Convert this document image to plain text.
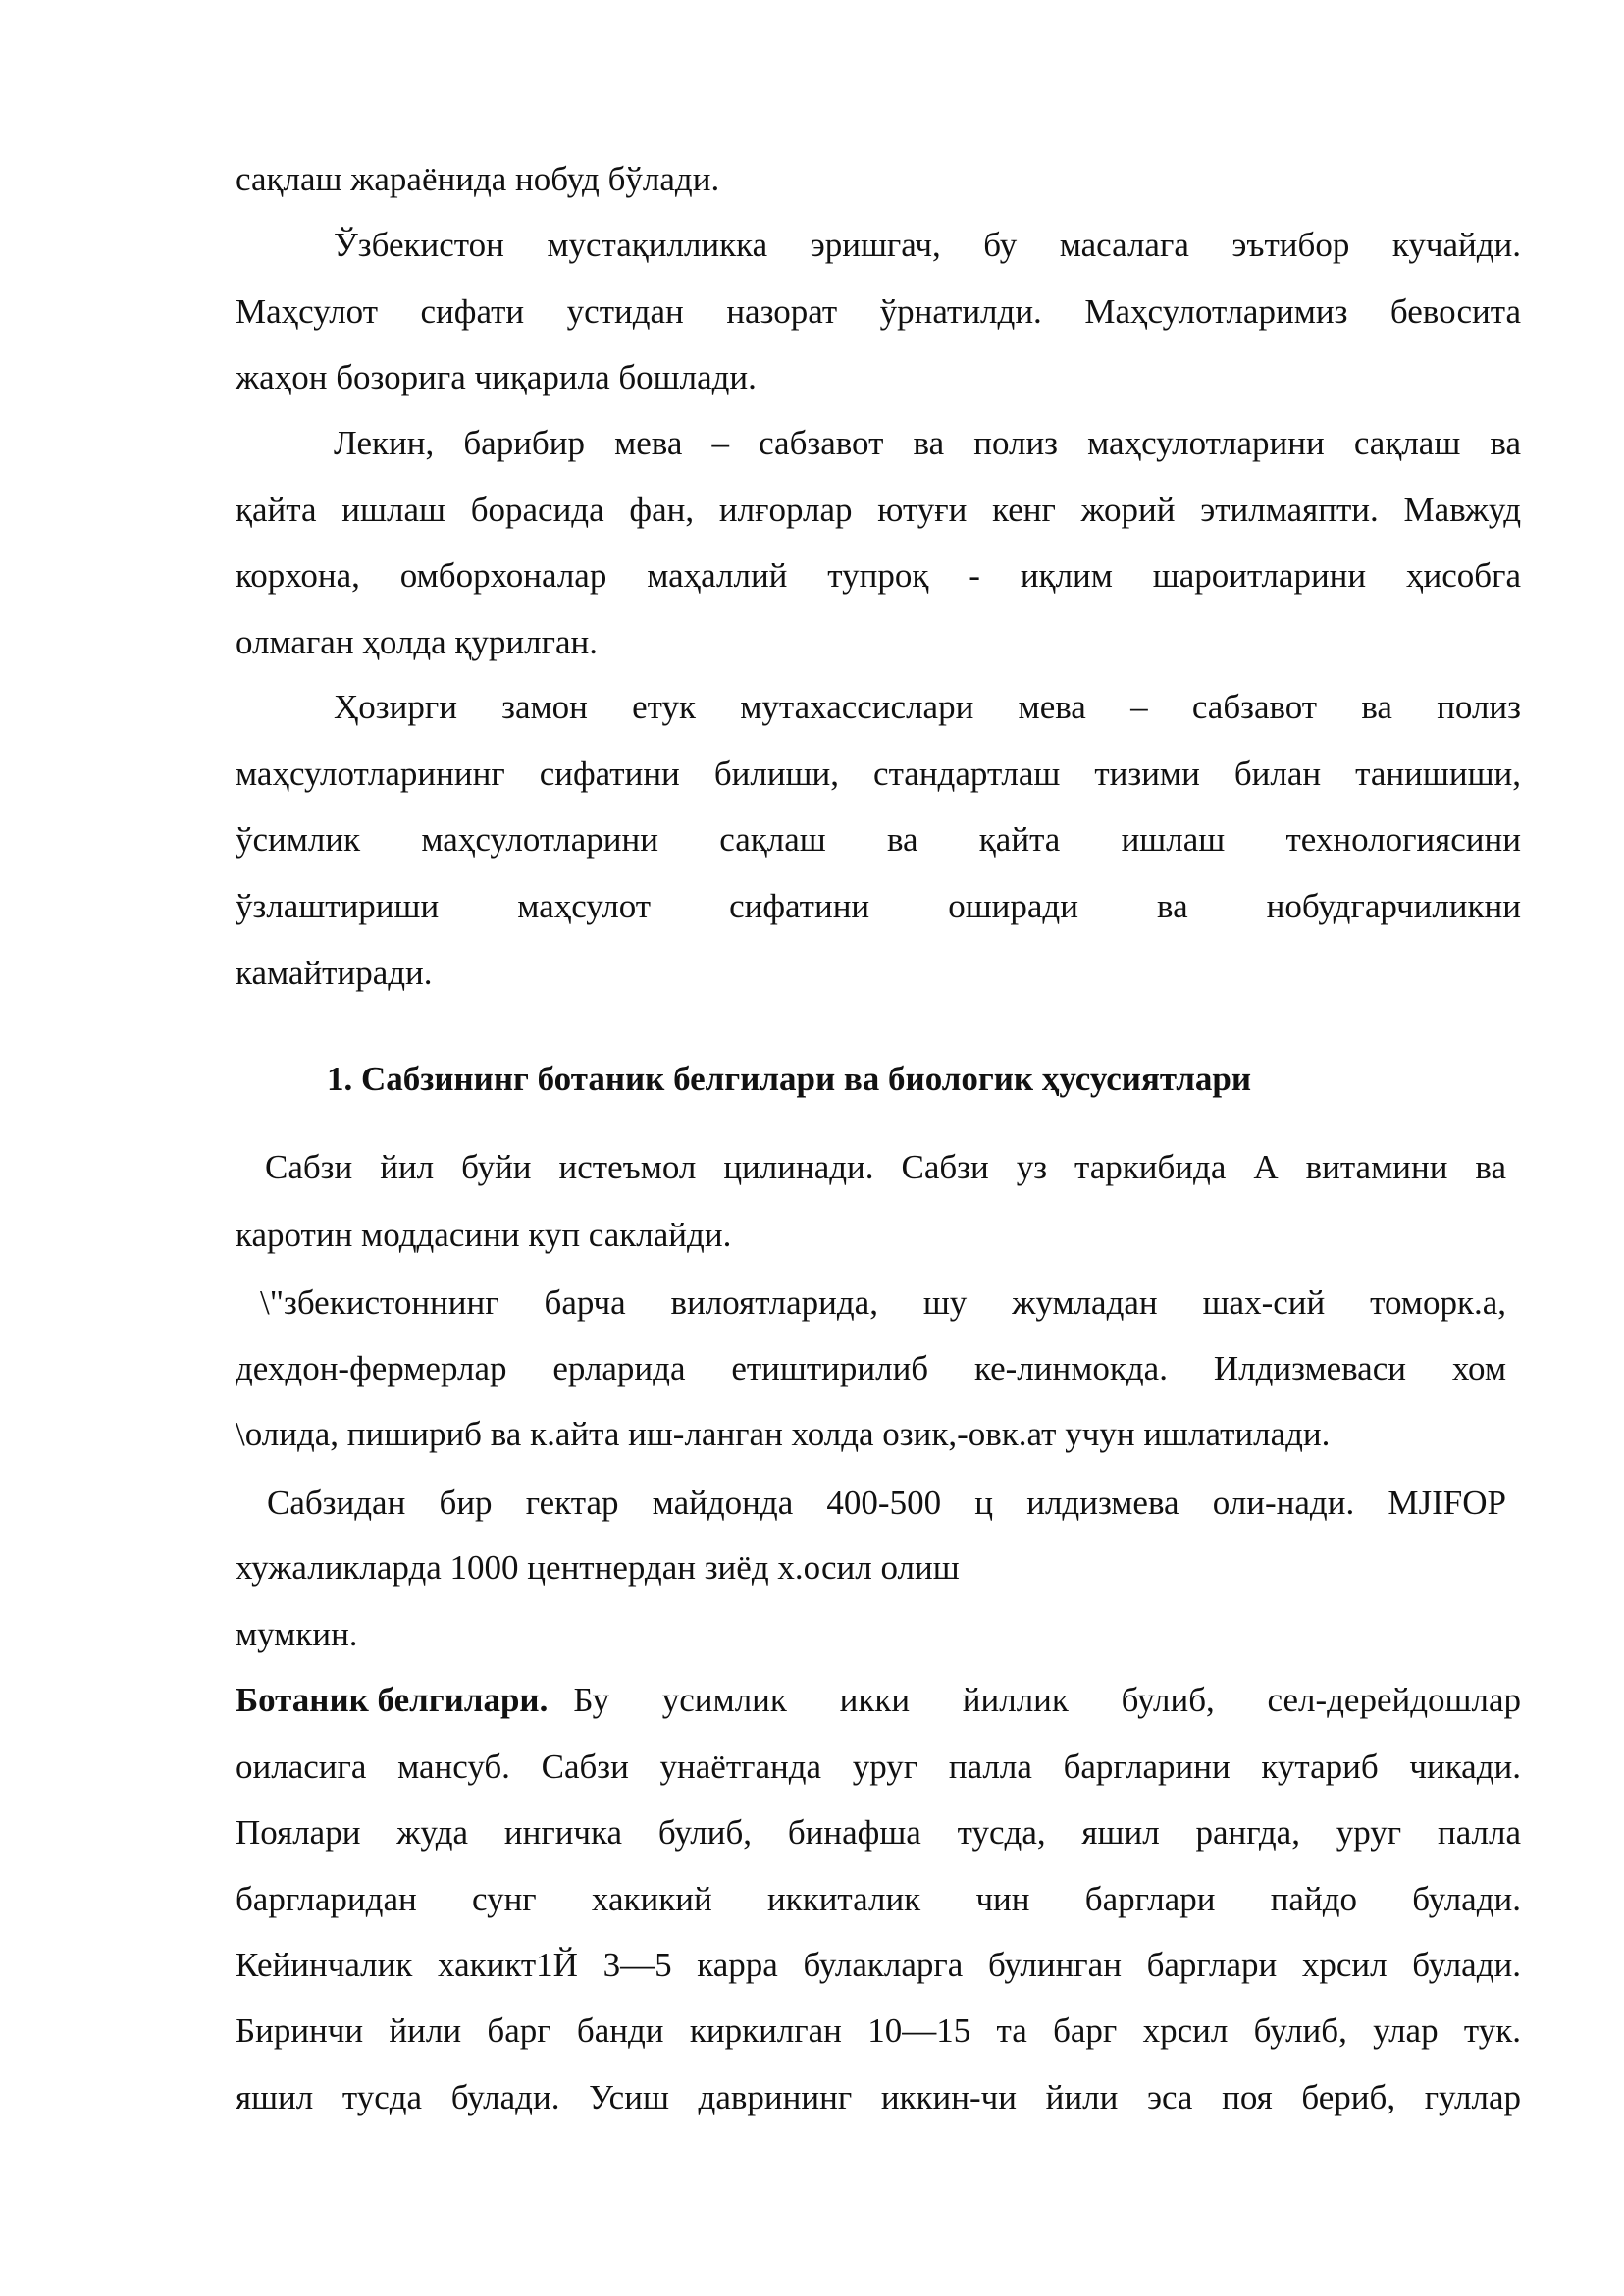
сақлаш жараёнида нобуд бўлади.
Ўзбекистон мустақилликка эришгач, бу масалага эътибор кучайди.
Маҳсулот сифати устидан назорат ўрнатилди. Маҳсулотларимиз бевосита
жаҳон бозорига чиқарила бошлади.
Лекин, барибир мева – сабзавот ва полиз маҳсулотларини сақлаш ва
қайта ишлаш борасида фан, илғорлар ютуғи кенг жорий этилмаяпти. Мавжуд
корхона, омборхоналар маҳаллий тупроқ - иқлим шароитларини ҳисобга
олмаган ҳолда қурилган.
Ҳозирги замон етук мутахассислари мева – сабзавот ва полиз
маҳсулотларининг сифатини билиши, стандартлаш тизими билан танишиши,
ўсимлик маҳсулотларини сақлаш ва қайта ишлаш технологиясини
ўзлаштириши маҳсулот сифатини оширади ва нобудгарчиликни
камайтиради.
1. Сабзининг ботаник белгилари ва биологик ҳусусиятлари
Сабзи йил буйи истеъмол цилинади. Сабзи уз таркибида А витамини ва
каротин моддасини куп саклайди.
\"збекистоннинг барча вилоятларида, шу жумладан шах-сий томорк.а,
дехдон-фермерлар ерларида етиштирилиб ке-линмокда. Илдизмеваси хом
\олида, пишириб ва к.айта иш-ланган холда озик,-овк.ат учун ишлатилади.
Сабзидан бир гектар майдонда 400-500 ц илдизмева оли-нади. МJIFOP
хужаликларда 1000 центнердан зиёд х.осил олиш
мумкин.
Ботаник белгилари. Бу усимлик икки йиллик булиб, сел-дерейдошлар
оиласига мансуб. Сабзи унаётганда уруг палла баргларини кутариб чикади.
Поялари жуда ингичка булиб, бинафша тусда, яшил рангда, уруг палла
баргларидан сунг хакикий иккиталик чин барглари пайдо булади.
Кейинчалик хакикт1Й 3—5 карра булакларга булинган барглари хрсил булади.
Биринчи йили барг банди киркилган 10—15 та барг хрсил булиб, улар тук.
яшил тусда булади. Усиш даврининг иккин-чи йили эса поя бериб, гуллар
